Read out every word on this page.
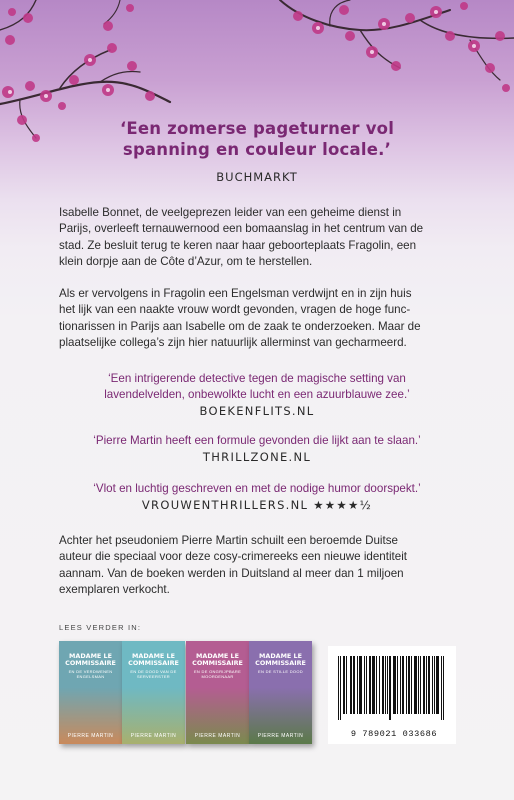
‘Een zomerse pageturner vol
spanning en couleur locale.’
BUCHMARKT
Isabelle Bonnet, de veelgeprezen leider van een geheime dienst in
Parijs, overleeft ternauwernood een bomaanslag in het centrum van de
stad. Ze besluit terug te keren naar haar geboorteplaats Fragolin, een
klein dorpje aan de Côte d’Azur, om te herstellen.
Als er vervolgens in Fragolin een Engelsman verdwijnt en in zijn huis
het lijk van een naakte vrouw wordt gevonden, vragen de hoge func-
tionarissen in Parijs aan Isabelle om de zaak te onderzoeken. Maar de
plaatselijke collega’s zijn hier natuurlijk allerminst van gecharmeerd.
‘Een intrigerende detective tegen de magische setting van
lavendelvelden, onbewolkte lucht en een azuurblauwe zee.’
BOEKENFLITS.NL
‘Pierre Martin heeft een formule gevonden die lijkt aan te slaan.’
THRILLZONE.NL
‘Vlot en luchtig geschreven en met de nodige humor doorspekt.’
VROUWENTHRILLERS.NL ★★★★½
Achter het pseudoniem Pierre Martin schuilt een beroemde Duitse
auteur die speciaal voor deze cosy-crimereeks een nieuwe identiteit
aannam. Van de boeken werden in Duitsland al meer dan 1 miljoen
exemplaren verkocht.
LEES VERDER IN:
MADAME LE COMMISSAIRE
EN DE VERDWENEN ENGELSMAN
PIERRE MARTIN
MADAME LE COMMISSAIRE
EN DE DOOD VAN DE SERVEERSTER
PIERRE MARTIN
MADAME LE COMMISSAIRE
EN DE ONGRIJPBARE MOORDENAAR
PIERRE MARTIN
MADAME LE COMMISSAIRE
EN DE STILLE DOOD
PIERRE MARTIN	9 789021 033686
